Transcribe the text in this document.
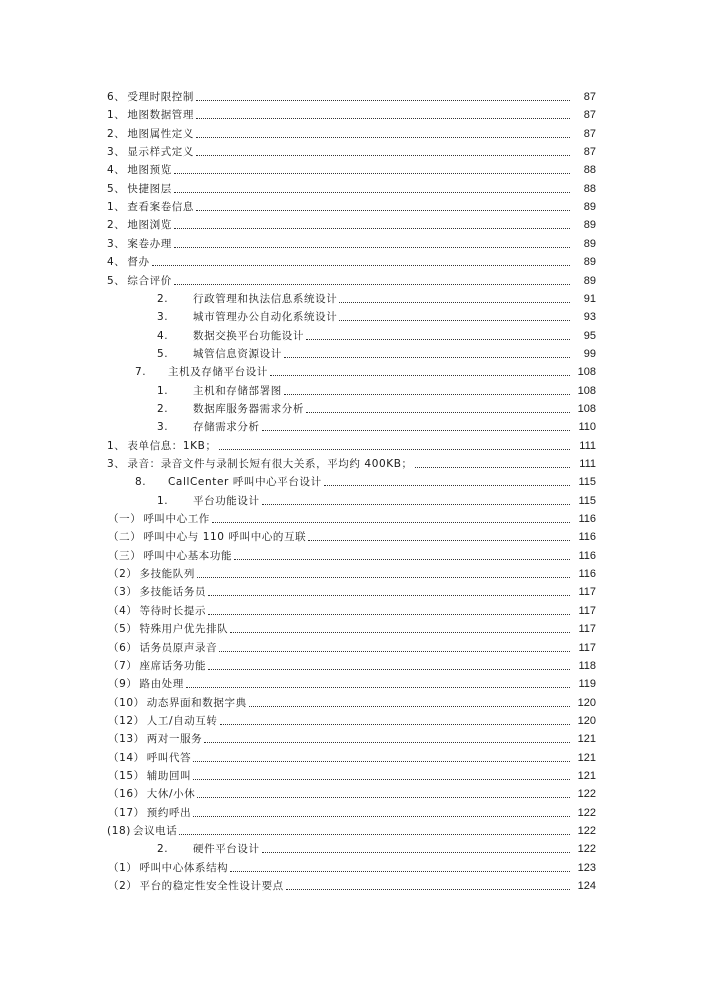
6、 受理时限控制	87
1、 地图数据管理	87
2、 地图属性定义	87
3、 显示样式定义	87
4、 地图预览	88
5、 快捷图层	88
1、 查看案卷信息	89
2、 地图浏览	89
3、 案卷办理	89
4、 督办	89
5、 综合评价	89
2. 行政管理和执法信息系统设计	91
3. 城市管理办公自动化系统设计	93
4. 数据交换平台功能设计	95
5. 城管信息资源设计	99
7. 主机及存储平台设计	108
1. 主机和存储部署图	108
2. 数据库服务器需求分析	108
3. 存储需求分析	110
1、 表单信息：1KB；	111
3、 录音：录音文件与录制长短有很大关系，平均约 400KB；	111
8. CallCenter 呼叫中心平台设计	115
1. 平台功能设计	115
（一） 呼叫中心工作	116
（二） 呼叫中心与 110 呼叫中心的互联	116
（三） 呼叫中心基本功能	116
（2） 多技能队列	116
（3） 多技能话务员	117
（4） 等待时长提示	117
（5） 特殊用户优先排队	117
（6） 话务员原声录音	117
（7） 座席话务功能	118
（9） 路由处理	119
（10） 动态界面和数据字典	120
（12） 人工/自动互转	120
（13） 两对一服务	121
（14） 呼叫代答	121
（15） 辅助回叫	121
（16） 大休/小休	122
（17） 预约呼出	122
(18) 会议电话	122
2. 硬件平台设计	122
（1） 呼叫中心体系结构	123
（2） 平台的稳定性安全性设计要点	124
